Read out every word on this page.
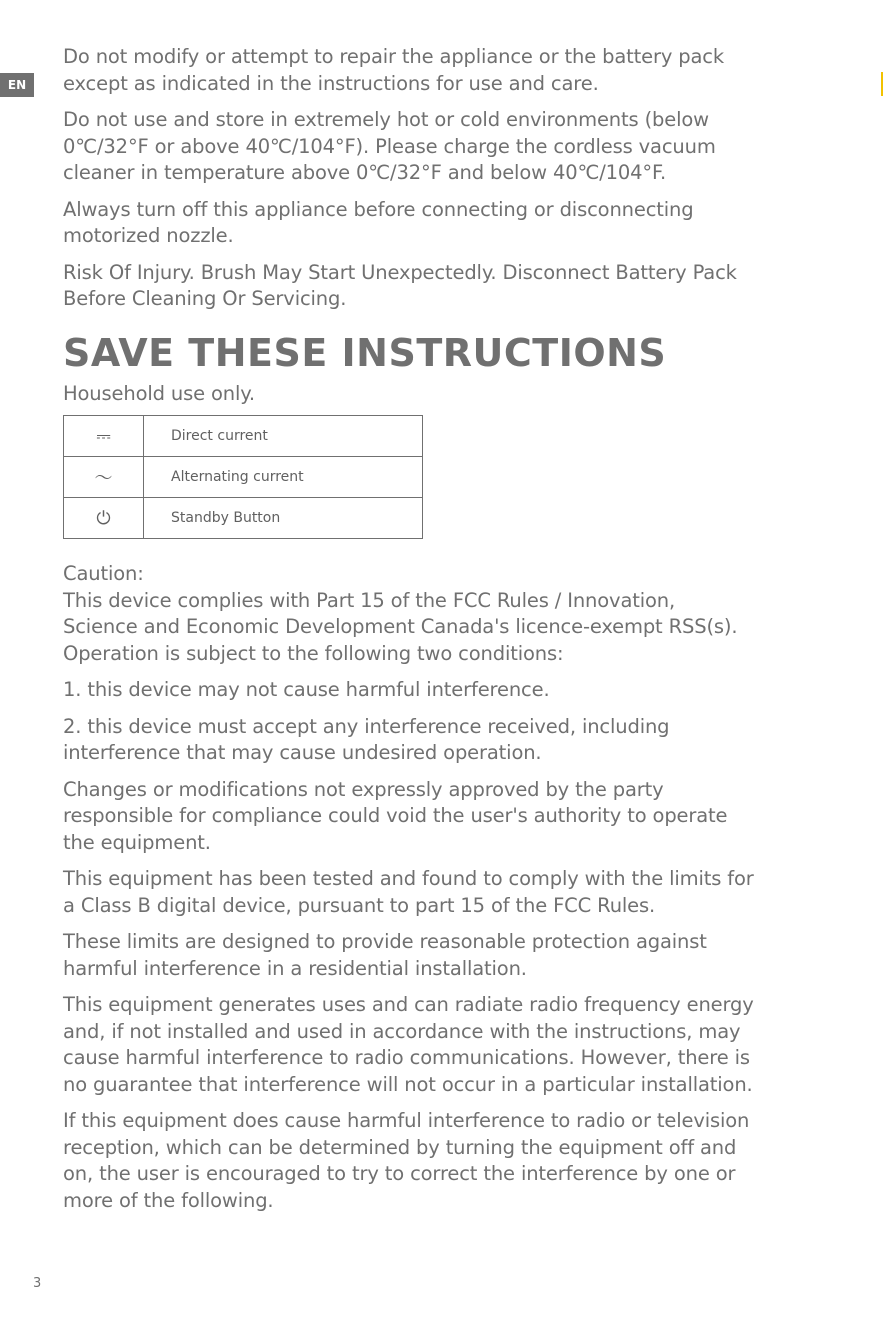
EN
Do not modify or attempt to repair the appliance or the battery pack
except as indicated in the instructions for use and care.
Do not use and store in extremely hot or cold environments (below
0℃/32°F or above 40℃/104°F). Please charge the cordless vacuum
cleaner in temperature above 0℃/32°F and below 40℃/104°F.
Always turn off this appliance before connecting or disconnecting
motorized nozzle.
Risk Of Injury. Brush May Start Unexpectedly. Disconnect Battery Pack
Before Cleaning Or Servicing.
SAVE THESE INSTRUCTIONS
Household use only.
⎓	Direct current
～	Alternating current
⏻	Standby Button
Caution:
This device complies with Part 15 of the FCC Rules / Innovation,
Science and Economic Development Canada's licence-exempt RSS(s).
Operation is subject to the following two conditions:
1. this device may not cause harmful interference.
2. this device must accept any interference received, including
interference that may cause undesired operation.
Changes or modifications not expressly approved by the party
responsible for compliance could void the user's authority to operate
the equipment.
This equipment has been tested and found to comply with the limits for
a Class B digital device, pursuant to part 15 of the FCC Rules.
These limits are designed to provide reasonable protection against
harmful interference in a residential installation.
This equipment generates uses and can radiate radio frequency energy
and, if not installed and used in accordance with the instructions, may
cause harmful interference to radio communications. However, there is
no guarantee that interference will not occur in a particular installation.
If this equipment does cause harmful interference to radio or television
reception, which can be determined by turning the equipment off and
on, the user is encouraged to try to correct the interference by one or
more of the following.
3
